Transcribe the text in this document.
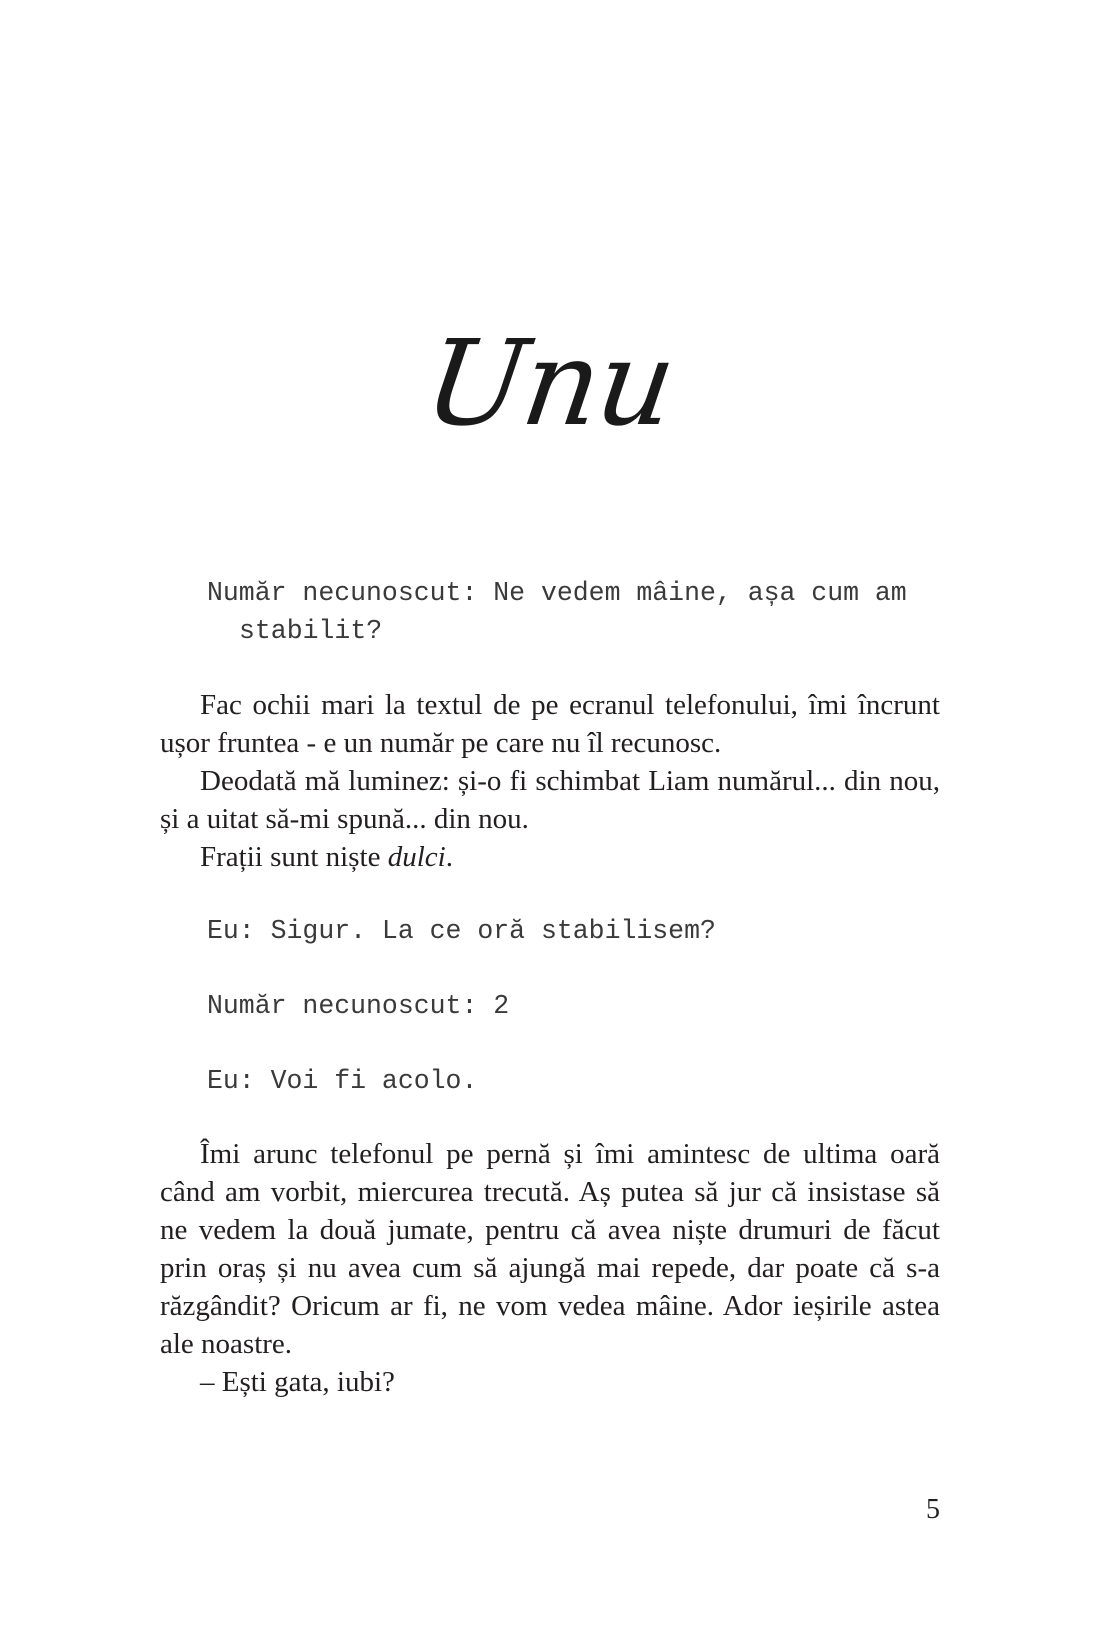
Unu
Număr necunoscut: Ne vedem mâine, așa cum am stabilit?

Fac ochii mari la textul de pe ecranul telefonului, îmi încrunt ușor fruntea - e un număr pe care nu îl recunosc.

Deodată mă luminez: și-o fi schimbat Liam numărul... din nou, și a uitat să-mi spună... din nou.

Frații sunt niște dulci.

Eu: Sigur. La ce oră stabilisem?
Număr necunoscut: 2
Eu: Voi fi acolo.

Îmi arunc telefonul pe pernă și îmi amintesc de ultima oară când am vorbit, miercurea trecută. Aș putea să jur că insistase să ne vedem la două jumate, pentru că avea niște drumuri de făcut prin oraș și nu avea cum să ajungă mai repede, dar poate că s-a răzgândit? Oricum ar fi, ne vom vedea mâine. Ador ieșirile astea ale noastre.

– Ești gata, iubi?

5
